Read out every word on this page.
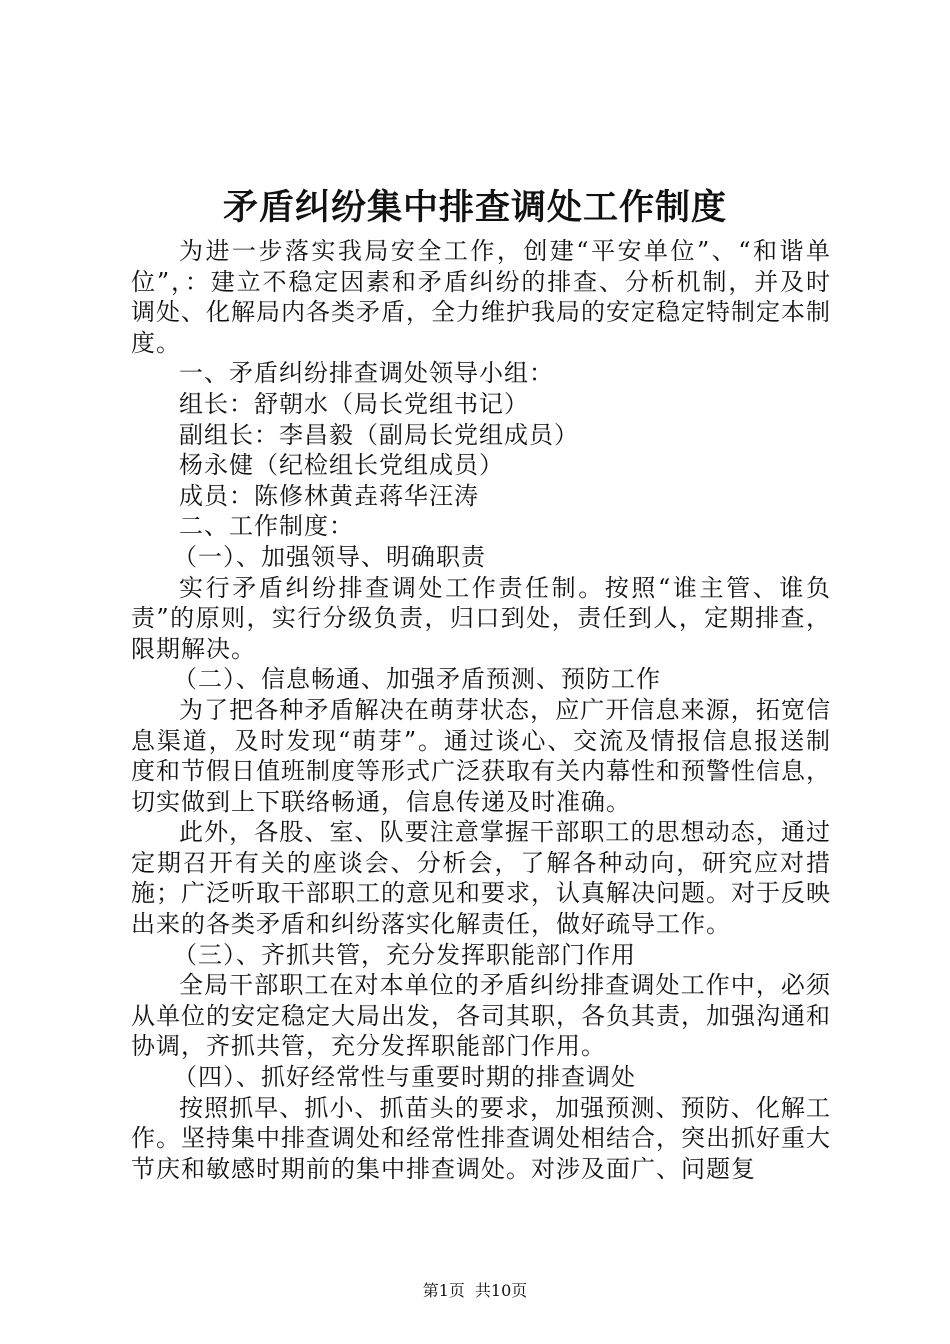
矛盾纠纷集中排查调处工作制度

为进一步落实我局安全工作，创建“平安单位”、“和谐单位”，：建立不稳定因素和矛盾纠纷的排查、分析机制，并及时调处、化解局内各类矛盾，全力维护我局的安定稳定特制定本制度。

一、矛盾纠纷排查调处领导小组：

组长：舒朝水（局长党组书记）

副组长：李昌毅（副局长党组成员）

杨永健（纪检组长党组成员）

成员：陈修林黄垚蒋华汪涛

二、工作制度：

（一）、加强领导、明确职责

实行矛盾纠纷排查调处工作责任制。按照“谁主管、谁负责”的原则，实行分级负责，归口到处，责任到人，定期排查，限期解决。

（二）、信息畅通、加强矛盾预测、预防工作

为了把各种矛盾解决在萌芽状态，应广开信息来源，拓宽信息渠道，及时发现“萌芽”。通过谈心、交流及情报信息报送制度和节假日值班制度等形式广泛获取有关内幕性和预警性信息，切实做到上下联络畅通，信息传递及时准确。

此外，各股、室、队要注意掌握干部职工的思想动态，通过定期召开有关的座谈会、分析会，了解各种动向，研究应对措施；广泛听取干部职工的意见和要求，认真解决问题。对于反映出来的各类矛盾和纠纷落实化解责任，做好疏导工作。

（三）、齐抓共管，充分发挥职能部门作用

全局干部职工在对本单位的矛盾纠纷排查调处工作中，必须从单位的安定稳定大局出发，各司其职，各负其责，加强沟通和协调，齐抓共管，充分发挥职能部门作用。

（四）、抓好经常性与重要时期的排查调处

按照抓早、抓小、抓苗头的要求，加强预测、预防、化解工作。坚持集中排查调处和经常性排查调处相结合，突出抓好重大节庆和敏感时期前的集中排查调处。对涉及面广、问题复

第1页 共10页
